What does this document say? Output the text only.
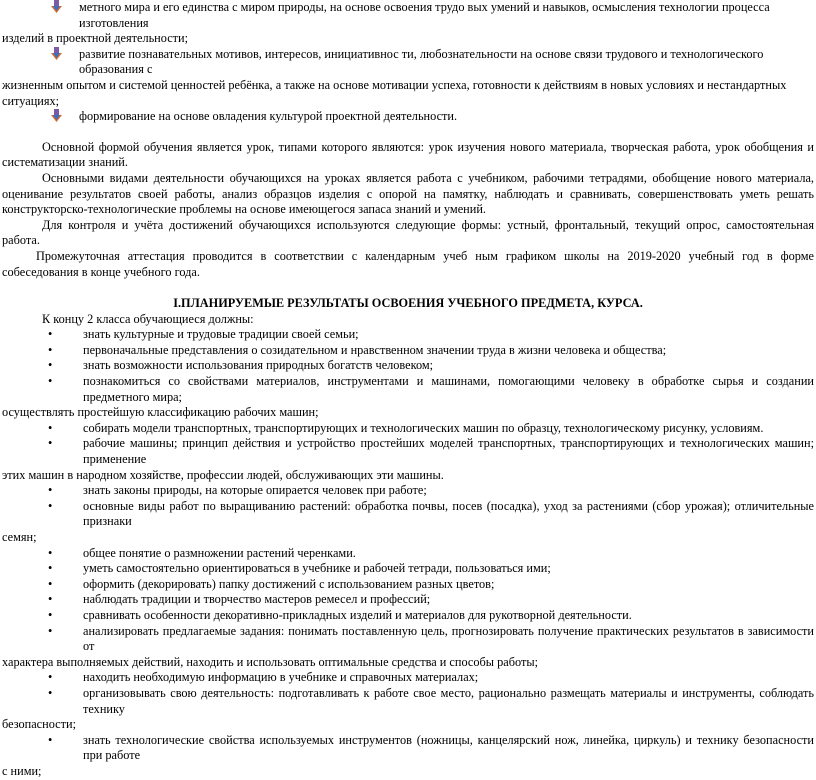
метного мира и его единства с миром природы, на основе освоения трудо вых умений и навыков, осмысления технологии процесса изготовления

изделий в проектной деятельности;

развитие познавательных мотивов, интересов, инициативнос ти, любознательности на основе связи трудового и технологического образования с

жизненным опытом и системой ценностей ребёнка, а также на основе мотивации успеха, готовности к действиям в новых условиях и нестандартных ситуациях;

формирование на основе овладения культурой проектной деятельности.

Основной формой обучения является урок, типами которого являются: урок изучения нового материала, творческая работа, урок обобщения и систематизации знаний.

Основными видами деятельности обучающихся на уроках является работа с учебником, рабочими тетрадями, обобщение нового материала, оценивание результатов своей работы, анализ образцов изделия с опорой на памятку, наблюдать и сравнивать, совершенствовать уметь решать конструкторско-технологические проблемы на основе имеющегося запаса знаний и умений.

Для контроля и учёта достижений обучающихся используются следующие формы: устный, фронтальный, текущий опрос, самостоятельная работа.

Промежуточная аттестация проводится в соответствии с календарным учеб ным графиком школы на 2019-2020 учебный год в форме собеседования в конце учебного года.

I.ПЛАНИРУЕМЫЕ РЕЗУЛЬТАТЫ ОСВОЕНИЯ УЧЕБНОГО ПРЕДМЕТА, КУРСА.

К концу 2 класса обучающиеся должны:

• знать культурные и трудовые традиции своей семьи;
• первоначальные представления о созидательном и нравственном значении труда в жизни человека и общества;
• знать возможности использования природных богатств человеком;
• познакомиться со свойствами материалов, инструментами и машинами, помогающими человеку в обработке сырья и создании предметного мира;
осуществлять простейшую классификацию рабочих машин;
• собирать модели транспортных, транспортирующих и технологических машин по образцу, технологическому рисунку, условиям.
• рабочие машины; принцип действия и устройство простейших моделей транспортных, транспортирующих и технологических машин; применение
этих машин в народном хозяйстве, профессии людей, обслуживающих эти машины.
• знать законы природы, на которые опирается человек при работе;
• основные виды работ по выращиванию растений: обработка почвы, посев (посадка), уход за растениями (сбор урожая); отличительные признаки
семян;
• общее понятие о размножении растений черенками.
• уметь самостоятельно ориентироваться в учебнике и рабочей тетради, пользоваться ими;
• оформить (декорировать) папку достижений с использованием разных цветов;
• наблюдать традиции и творчество мастеров ремесел и профессий;
• сравнивать особенности декоративно-прикладных изделий и материалов для рукотворной деятельности.
• анализировать предлагаемые задания: понимать поставленную цель, прогнозировать получение практических результатов в зависимости от
характера выполняемых действий, находить и использовать оптимальные средства и способы работы;
• находить необходимую информацию в учебнике и справочных материалах;
• организовывать свою деятельность: подготавливать к работе свое место, рационально размещать материалы и инструменты, соблюдать технику
безопасности;
• знать технологические свойства используемых инструментов (ножницы, канцелярский нож, линейка, циркуль) и технику безопасности при работе
с ними;
